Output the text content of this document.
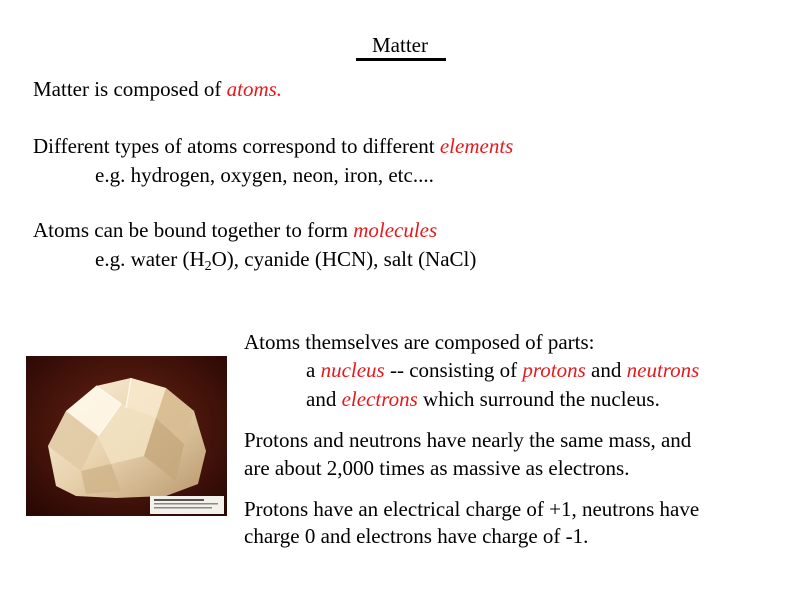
Matter
Matter is composed of atoms.
Different types of atoms correspond to different elements
e.g. hydrogen, oxygen, neon, iron, etc....
Atoms can be bound together to form molecules
e.g. water $(H_2O)$, cyanide (HCN), salt (NaCl)
Atoms themselves are composed of parts:
a nucleus -- consisting of protons and neutrons
and electrons which surround the nucleus.
Protons and neutrons have nearly the same mass, and
are about 2,000 times as massive as electrons.
Protons have an electrical charge of +1, neutrons have
charge 0 and electrons have charge of -1.
